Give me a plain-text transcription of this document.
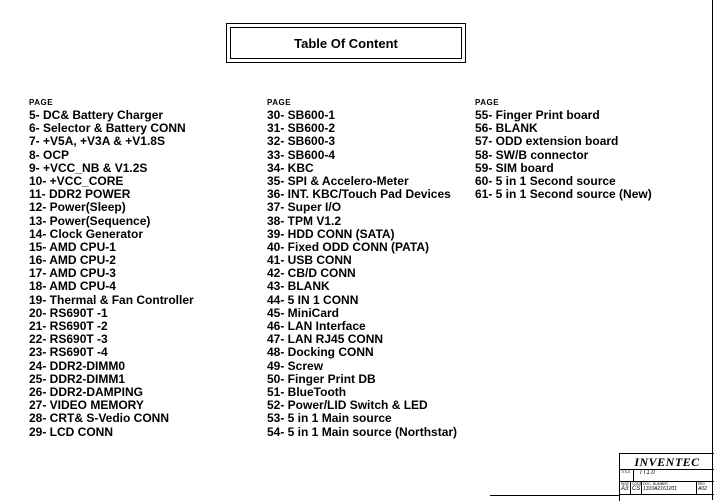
Table Of Content
PAGE
5- DC& Battery Charger
6- Selector & Battery CONN
7- +V5A, +V3A & +V1.8S
8- OCP
9- +VCC_NB & V1.2S
10- +VCC_CORE
11- DDR2 POWER
12- Power(Sleep)
13- Power(Sequence)
14- Clock Generator
15- AMD CPU-1
16- AMD CPU-2
17- AMD CPU-3
18- AMD CPU-4
19- Thermal & Fan Controller
20- RS690T -1
21- RS690T -2
22- RS690T -3
23- RS690T -4
24- DDR2-DIMM0
25- DDR2-DIMM1
26- DDR2-DAMPING
27- VIDEO MEMORY
28- CRT& S-Vedio CONN
29- LCD CONN
PAGE
30- SB600-1
31- SB600-2
32- SB600-3
33- SB600-4
34- KBC
35- SPI & Accelero-Meter
36- INT. KBC/Touch Pad Devices
37- Super I/O
38- TPM V1.2
39- HDD CONN (SATA)
40- Fixed ODD CONN (PATA)
41- USB CONN
42- CB/D CONN
43- BLANK
44- 5 IN 1 CONN
45- MiniCard
46- LAN Interface
47- LAN RJ45 CONN
48- Docking CONN
49- Screw
50- Finger Print DB
51- BlueTooth
52- Power/LID Switch & LED
53- 5 in 1 Main source
54- 5 in 1 Main source (Northstar)
PAGE
55- Finger Print board
56- BLANK
57- ODD extension board
58- SW/B connector
59- SIM board
60- 5 in 1 Second source
61- 5 in 1 Second source (New)
INVENTEC
TITLE	TT1.0
SIZE
A3
CODE
CS
DOC. NUMBER
1310A2161201
REV
A02
